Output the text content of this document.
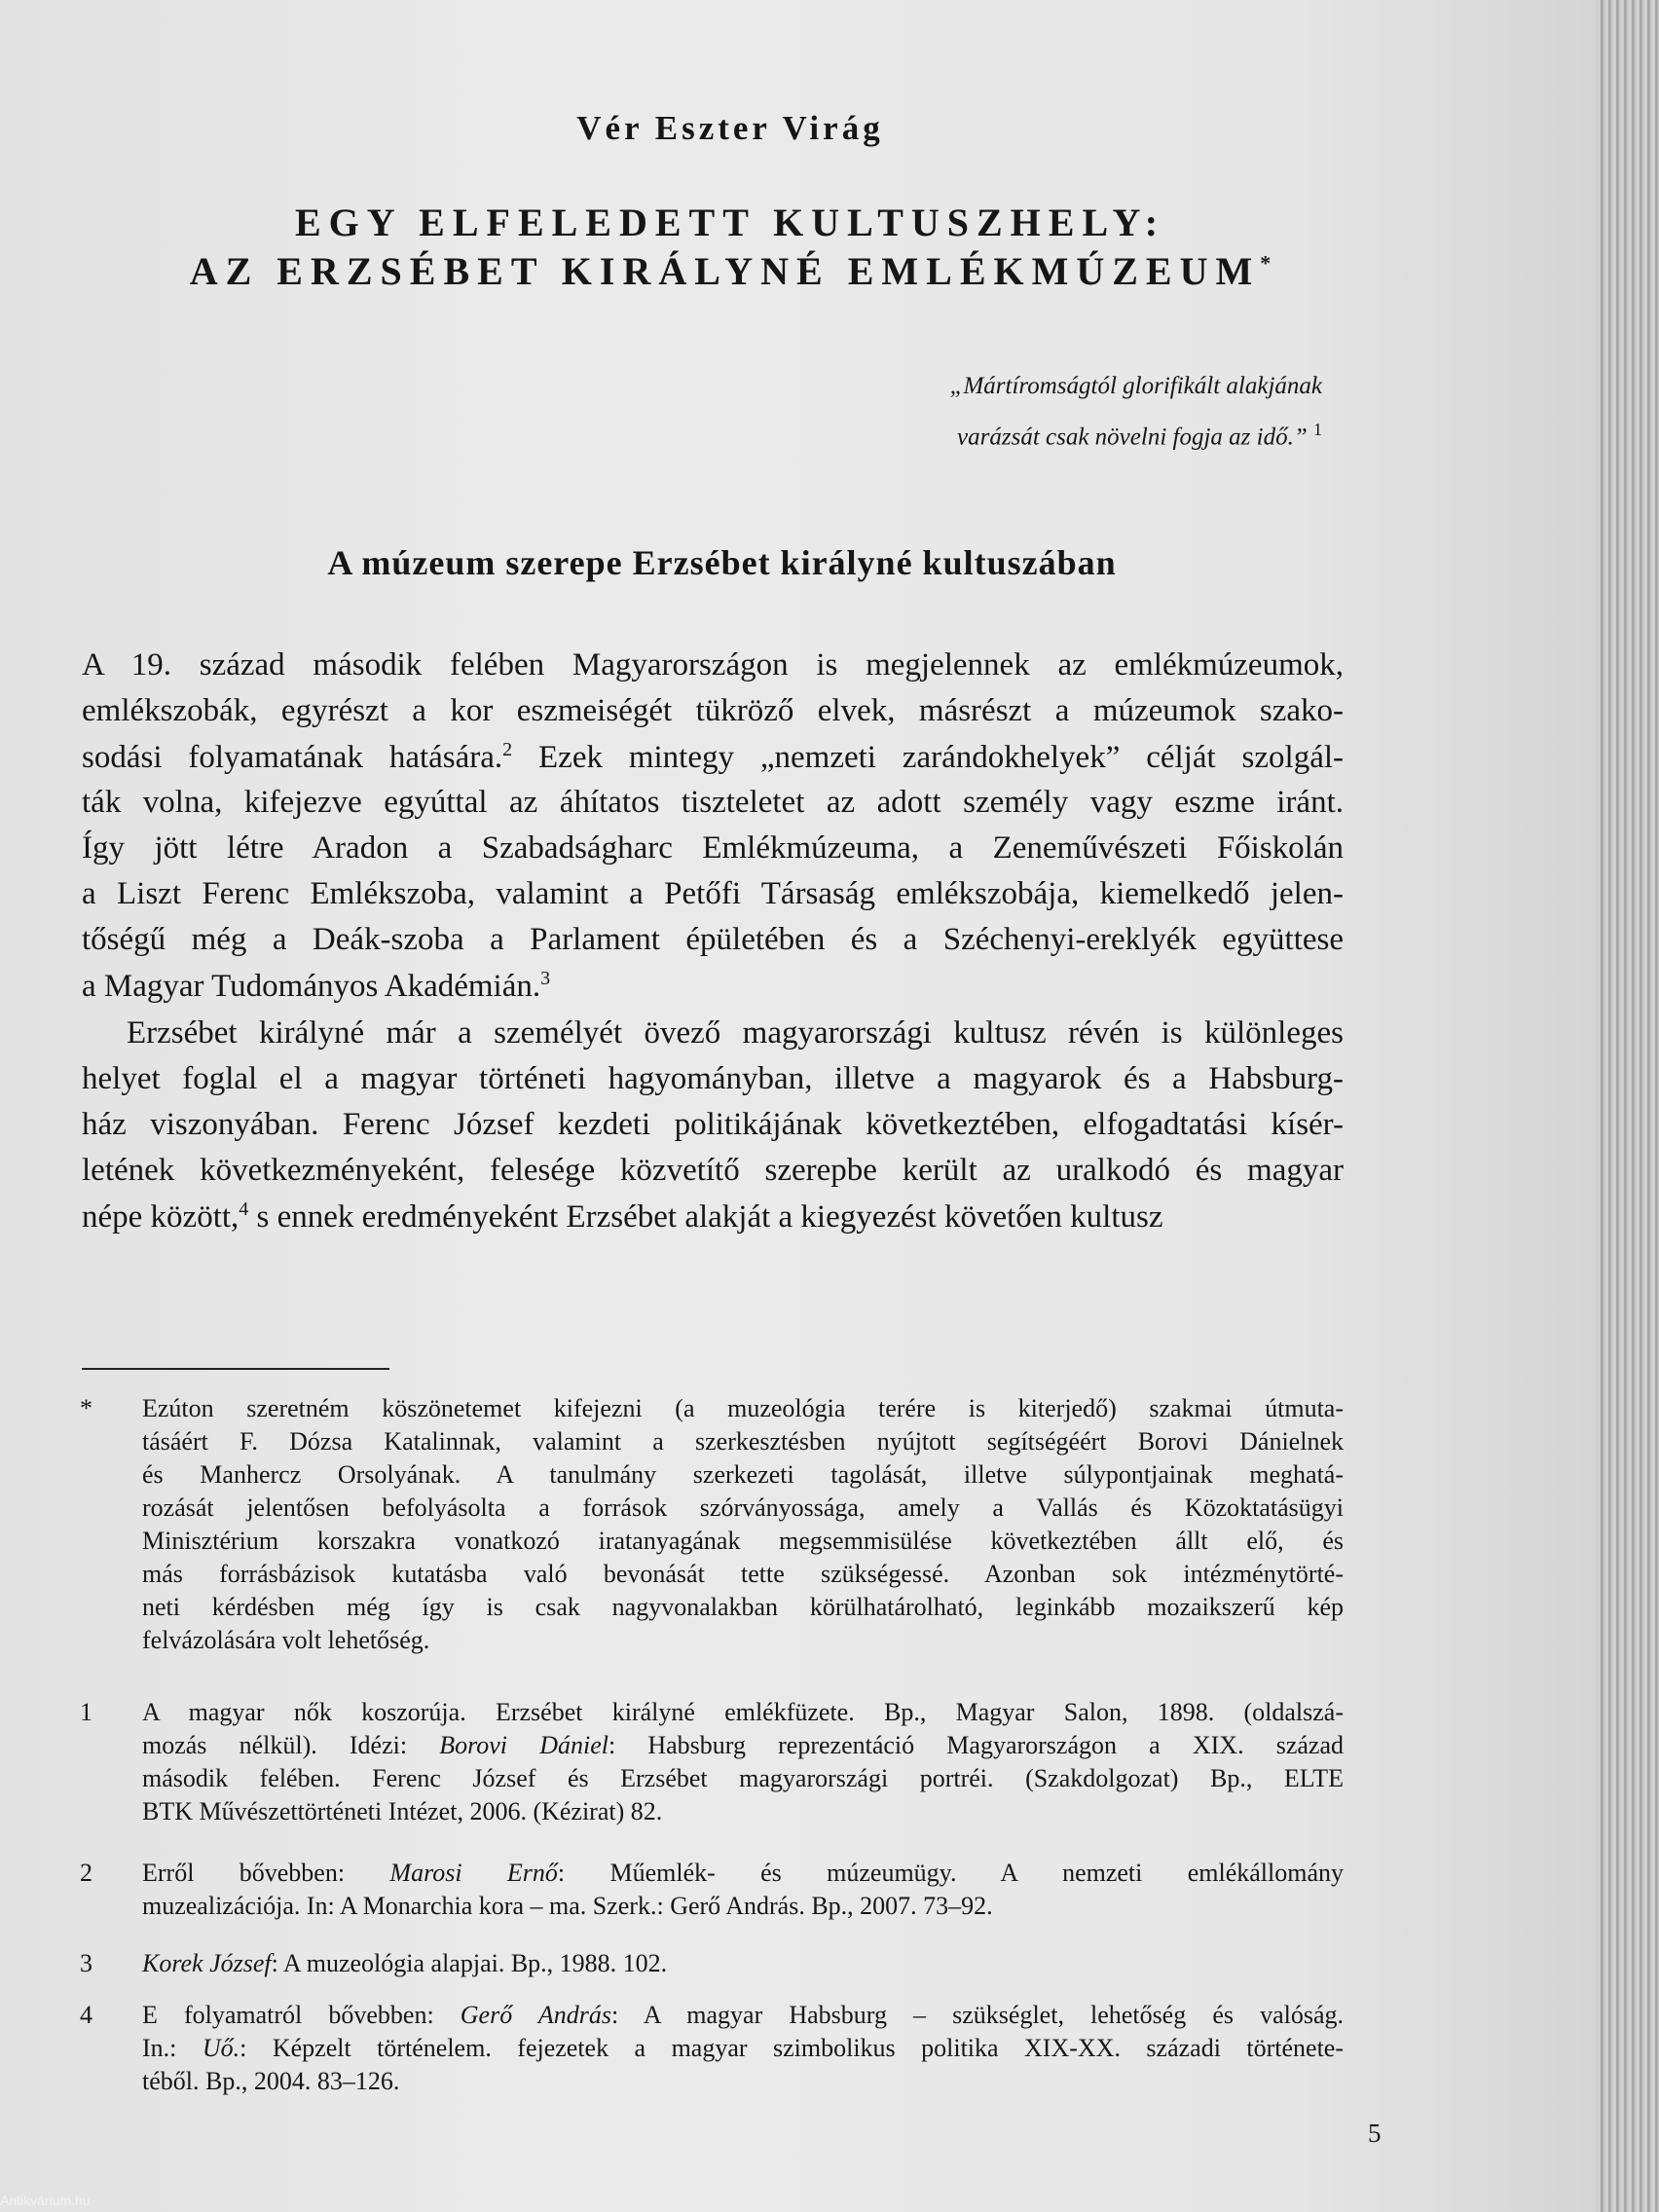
Vér Eszter Virág
EGY ELFELEDETT KULTUSZHELY:
AZ ERZSÉBET KIRÁLYNÉ EMLÉKMÚZEUM*
„Mártíromságtól glorifikált alakjának
varázsát csak növelni fogja az idő.” $^1$
A múzeum szerepe Erzsébet királyné kultuszában
A 19. század második felében Magyarországon is megjelennek az emlékmúzeumok,
emlékszobák, egyrészt a kor eszmeiségét tükröző elvek, másrészt a múzeumok szako-
sodási folyamatának hatására.$^2$ Ezek mintegy „nemzeti zarándokhelyek” célját szolgál-
ták volna, kifejezve egyúttal az áhítatos tiszteletet az adott személy vagy eszme iránt.
Így jött létre Aradon a Szabadságharc Emlékmúzeuma, a Zeneművészeti Főiskolán
a Liszt Ferenc Emlékszoba, valamint a Petőfi Társaság emlékszobája, kiemelkedő jelen-
tőségű még a Deák-szoba a Parlament épületében és a Széchenyi-ereklyék együttese
a Magyar Tudományos Akadémián.$^3$
Erzsébet királyné már a személyét övező magyarországi kultusz révén is különleges
helyet foglal el a magyar történeti hagyományban, illetve a magyarok és a Habsburg-
ház viszonyában. Ferenc József kezdeti politikájának következtében, elfogadtatási kísér-
letének következményeként, felesége közvetítő szerepbe került az uralkodó és magyar
népe között,$^4$ s ennek eredményeként Erzsébet alakját a kiegyezést követően kultusz
* Ezúton szeretném köszönetemet kifejezni (a muzeológia terére is kiterjedő) szakmai útmuta-
tásáért F. Dózsa Katalinnak, valamint a szerkesztésben nyújtott segítségéért Borovi Dánielnek
és Manhercz Orsolyának. A tanulmány szerkezeti tagolását, illetve súlypontjainak meghatá-
rozását jelentősen befolyásolta a források szórványossága, amely a Vallás és Közoktatásügyi
Minisztérium korszakra vonatkozó iratanyagának megsemmisülése következtében állt elő, és
más forrásbázisok kutatásba való bevonását tette szükségessé. Azonban sok intézménytörté-
neti kérdésben még így is csak nagyvonalakban körülhatárolható, leginkább mozaikszerű kép
felvázolására volt lehetőség.
1 A magyar nők koszorúja. Erzsébet királyné emlékfüzete. Bp., Magyar Salon, 1898. (oldalszá-
mozás nélkül). Idézi: Borovi Dániel: Habsburg reprezentáció Magyarországon a XIX. század
második felében. Ferenc József és Erzsébet magyarországi portréi. (Szakdolgozat) Bp., ELTE
BTK Művészettörténeti Intézet, 2006. (Kézirat) 82.
2 Erről bővebben: Marosi Ernő: Műemlék- és múzeumügy. A nemzeti emlékállomány
muzealizációja. In: A Monarchia kora – ma. Szerk.: Gerő András. Bp., 2007. 73–92.
3 Korek József: A muzeológia alapjai. Bp., 1988. 102.
4 E folyamatról bővebben: Gerő András: A magyar Habsburg – szükséglet, lehetőség és valóság.
In.: Uő.: Képzelt történelem. fejezetek a magyar szimbolikus politika XIX-XX. századi története-
téből. Bp., 2004. 83–126.
5
Antikvárium.hu
